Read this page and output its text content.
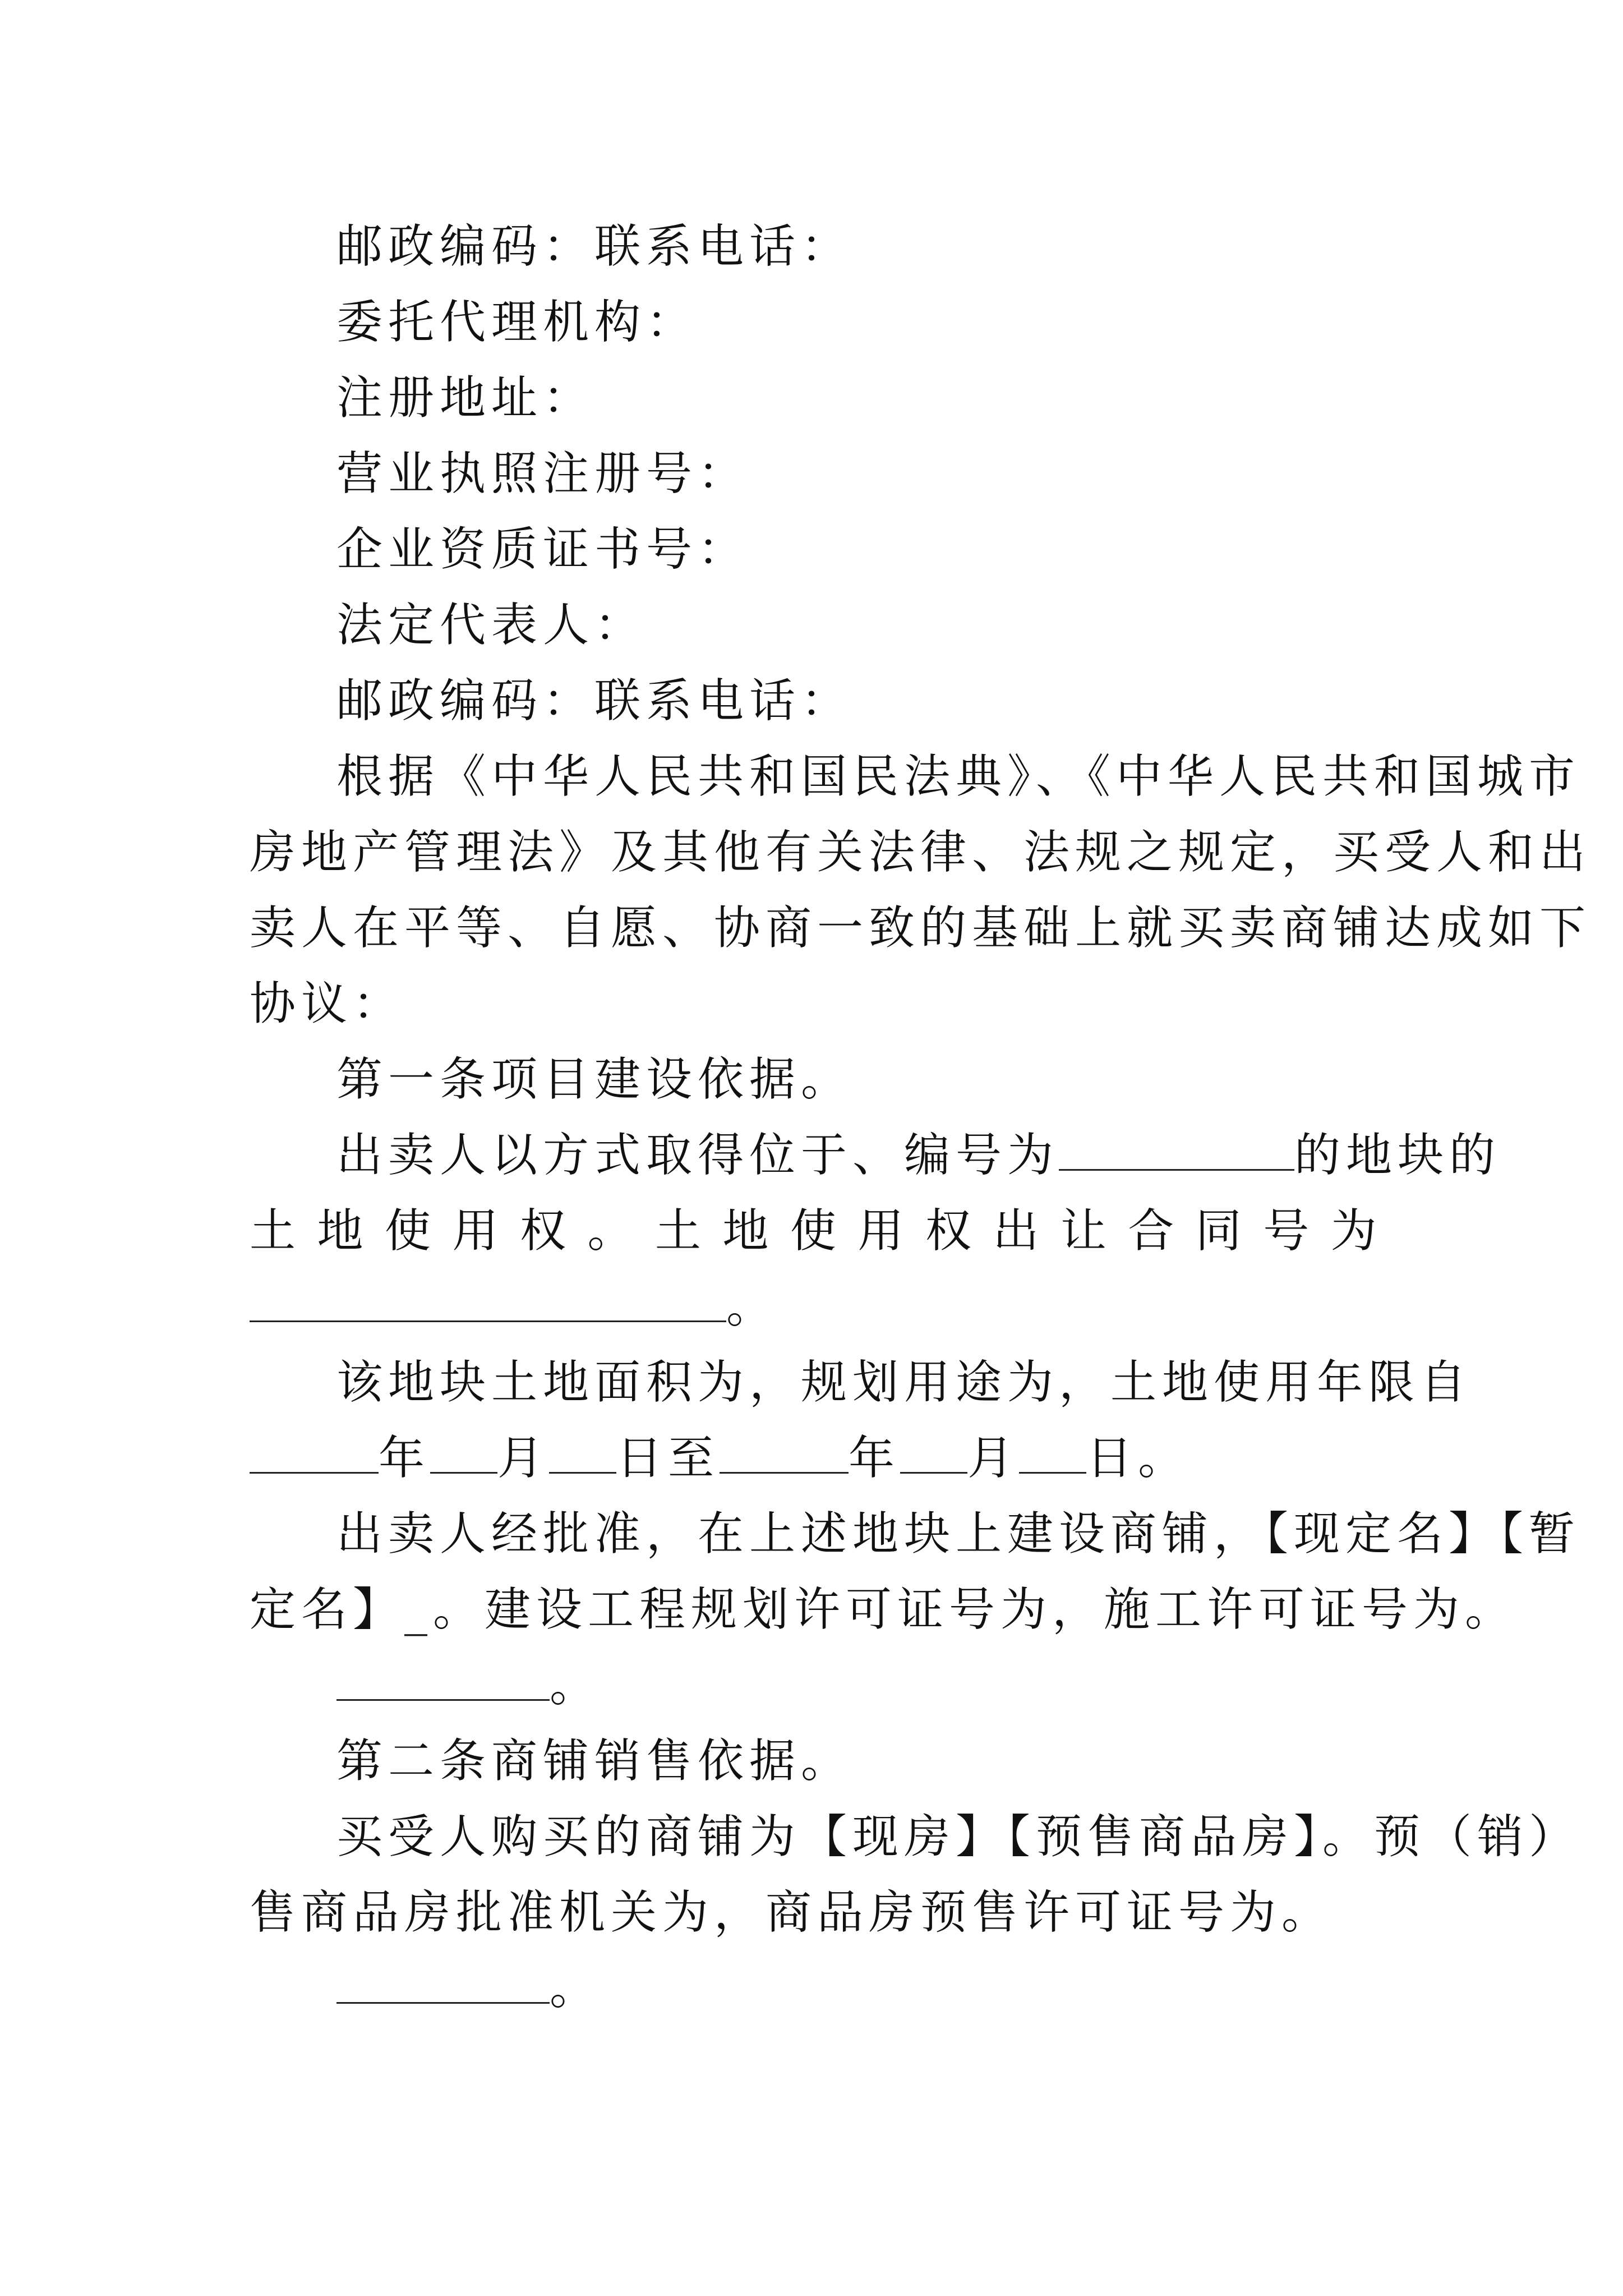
邮政编码：联系电话：
委托代理机构：
注册地址：
营业执照注册号：
企业资质证书号：
法定代表人：
邮政编码：联系电话：
根据《中华人民共和国民法典》、《中华人民共和国城市
房地产管理法》及其他有关法律、法规之规定，买受人和出
卖人在平等、自愿、协商一致的基础上就买卖商铺达成如下
协议：
第一条项目建设依据。
出卖人以方式取得位于、编号为	的地块的
土 地 使 用 权 。 土 地 使 用 权 出 让 合 同 号 为
。
该地块土地面积为，规划用途为，土地使用年限自
年 月 日至	年 月 日。
出卖人经批准，在上述地块上建设商铺，【现定名】【暂
定名】_。建设工程规划许可证号为，施工许可证号为。
。
第二条商铺销售依据。
买受人购买的商铺为【现房】【预售商品房】。预（销）
售商品房批准机关为，商品房预售许可证号为。
。
